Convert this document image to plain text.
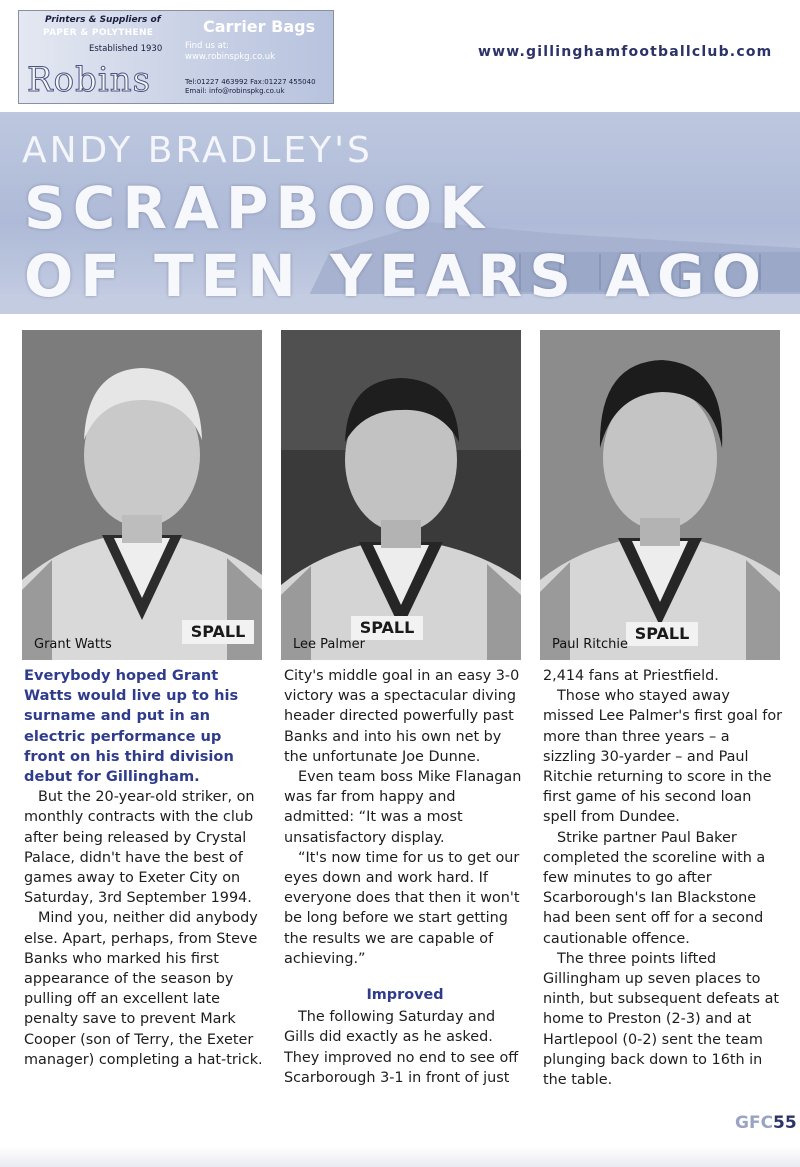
Printers & Suppliers of
PAPER & POLYTHENE
Established 1930
Robins
Carrier Bags
Find us at:
www.robinspkg.co.uk
Tel:01227 463992 Fax:01227 455040
Email: info@robinspkg.co.uk
www.gillinghamfootballclub.com
ANDY BRADLEY'S
SCRAPBOOK
OF TEN YEARS AGO
SPALL
Grant Watts
SPALL
Lee Palmer
SPALL
Paul Ritchie

Everybody hoped Grant Watts would live up to his surname and put in an electric performance up front on his third division debut for Gillingham.

But the 20-year-old striker, on monthly contracts with the club after being released by Crystal Palace, didn't have the best of games away to Exeter City on Saturday, 3rd September 1994.

Mind you, neither did anybody else. Apart, perhaps, from Steve Banks who marked his first appearance of the season by pulling off an excellent late penalty save to prevent Mark Cooper (son of Terry, the Exeter manager) completing a hat-trick.

City's middle goal in an easy 3-0 victory was a spectacular diving header directed powerfully past Banks and into his own net by the unfortunate Joe Dunne.

Even team boss Mike Flanagan was far from happy and admitted: “It was a most unsatisfactory display.

“It's now time for us to get our eyes down and work hard. If everyone does that then it won't be long before we start getting the results we are capable of achieving.”

Improved

The following Saturday and Gills did exactly as he asked. They improved no end to see off Scarborough 3-1 in front of just

2,414 fans at Priestfield.

Those who stayed away missed Lee Palmer's first goal for more than three years – a sizzling 30-yarder – and Paul Ritchie returning to score in the first game of his second loan spell from Dundee.

Strike partner Paul Baker completed the scoreline with a few minutes to go after Scarborough's Ian Blackstone had been sent off for a second cautionable offence.

The three points lifted Gillingham up seven places to ninth, but subsequent defeats at home to Preston (2-3) and at Hartlepool (0-2) sent the team plunging back down to 16th in the table.

GFC55
